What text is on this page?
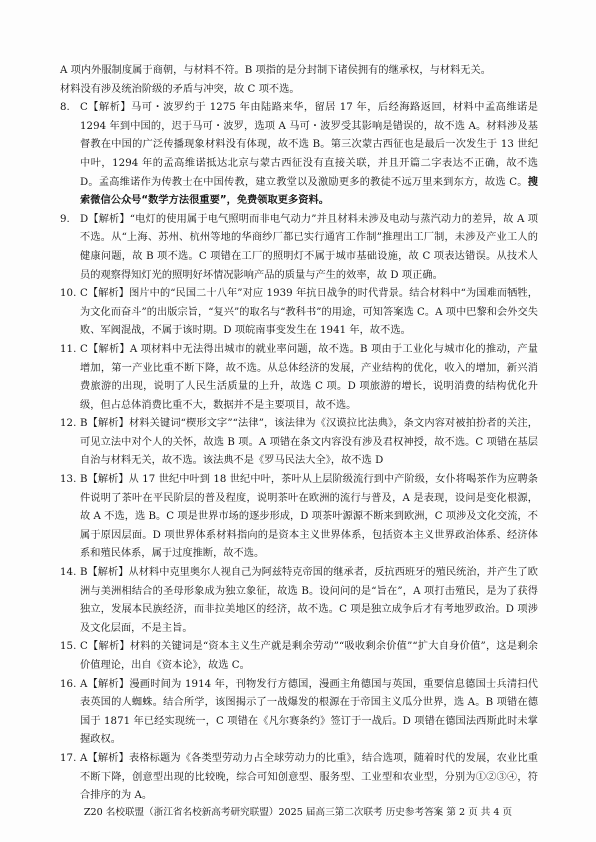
A 项内外服制度属于商朝，与材料不符。B 项指的是分封制下诸侯拥有的继承权，与材料无关。

材料没有涉及统治阶级的矛盾与冲突，故 C 项不选。

8. C【解析】马可・波罗约于 1275 年由陆路来华，留居 17 年，后经海路返回，材料中孟高维诺是 1294 年到中国的，迟于马可・波罗，选项 A 马可・波罗受其影响是错误的，故不选 A。材料涉及基督教在中国的广泛传播现象材料没有体现，故不选 B。第三次蒙古西征也是最后一次发生于 13 世纪中叶，1294 年的孟高维诺抵达北京与蒙古西征没有直接关联，并且开篇二字表达不正确，故不选 D。孟高维诺作为传教士在中国传教，建立教堂以及激励更多的教徒不远万里来到东方，故选 C。搜索微信公众号“数学方法很重要”，免费领取更多资料。

9. D【解析】“电灯的使用属于电气照明而非电气动力”并且材料未涉及电动与蒸汽动力的差异，故 A 项不选。从“上海、苏州、杭州等地的华商纱厂都已实行通宵工作制”推理出工厂制，未涉及产业工人的健康问题，故 B 项不选。C 项错在工厂的照明灯不属于城市基础设施，故 C 项表达错误。从技术人员的观察得知灯光的照明好坏情况影响产品的质量与产生的效率，故 D 项正确。

10. C【解析】图片中的“民国二十八年”对应 1939 年抗日战争的时代背景。结合材料中“为国难而牺牲，为文化而奋斗”的出版宗旨，“复兴”的取名与“教科书”的用途，可知答案选 C。A 项中巴黎和会外交失败、军阀混战，不属于该时期。D 项皖南事变发生在 1941 年，故不选。

11. C【解析】A 项材料中无法得出城市的就业率问题，故不选。B 项由于工业化与城市化的推动，产量增加，第一产业比重不断下降，故不选。从总体经济的发展，产业结构的优化，收入的增加，新兴消费旅游的出现，说明了人民生活质量的上升，故选 C 项。D 项旅游的增长，说明消费的结构优化升级，但占总体消费比重不大，数据并不是主要项目，故不选。

12. B【解析】材料关键词“楔形文字”“法律”，该法律为《汉谟拉比法典》，条文内容对被拍扮者的关注，可见立法中对个人的关怀，故选 B 项。A 项错在条文内容没有涉及君权神授，故不选。C 项错在基层自治与材料无关，故不选。该法典不是《罗马民法大全》，故不选 D

13. B【解析】从 17 世纪中叶到 18 世纪中叶，茶叶从上层阶级流行到中产阶级，女仆将喝茶作为应聘条件说明了茶叶在平民阶层的普及程度，说明茶叶在欧洲的流行与普及，A 是表现，设问是变化根源，故 A 不选，选 B。C 项是世界市场的逐步形成，D 项茶叶源源不断来到欧洲，C 项涉及文化交流，不属于原因层面。D 项世界体系材料指向的是资本主义世界体系，包括资本主义世界政治体系、经济体系和殖民体系，属于过度推断，故不选。

14. B【解析】从材料中克里奥尔人视自己为阿兹特克帝国的继承者，反抗西班牙的殖民统治，并产生了欧洲与美洲相结合的圣母形象成为独立象征，故选 B。设问问的是“旨在”，A 项打击殖民，是为了获得独立，发展本民族经济，而非拉美地区的经济，故不选。C 项是独立成争后才有考地罗政治。D 项涉及文化层面，不是主旨。

15. C【解析】材料的关键词是“资本主义生产就是剩余劳动”“吸收剩余价值”“扩大自身价值”，这是剩余价值理论，出自《资本论》，故选 C。

16. A【解析】漫画时间为 1914 年，刊物发行方德国，漫画主角德国与英国，重要信息德国士兵清扫代表英国的人蜘蛛。结合所学，该图揭示了一战爆发的根源在于帝国主义瓜分世界，选 A。B 项错在德国于 1871 年已经实现统一，C 项错在《凡尔赛条约》签订于一战后。D 项错在德国法西斯此时未掌握政权。

17. A【解析】表格标题为《各类型劳动力占全球劳动力的比重》，结合选项，随着时代的发展，农业比重不断下降，创意型出现的比较晚，综合可知创意型、服务型、工业型和农业型，分别为①②③④，符合排序的为 A。

Z20 名校联盟（浙江省名校新高考研究联盟）2025 届高三第二次联考 历史参考答案 第 2 页 共 4 页
